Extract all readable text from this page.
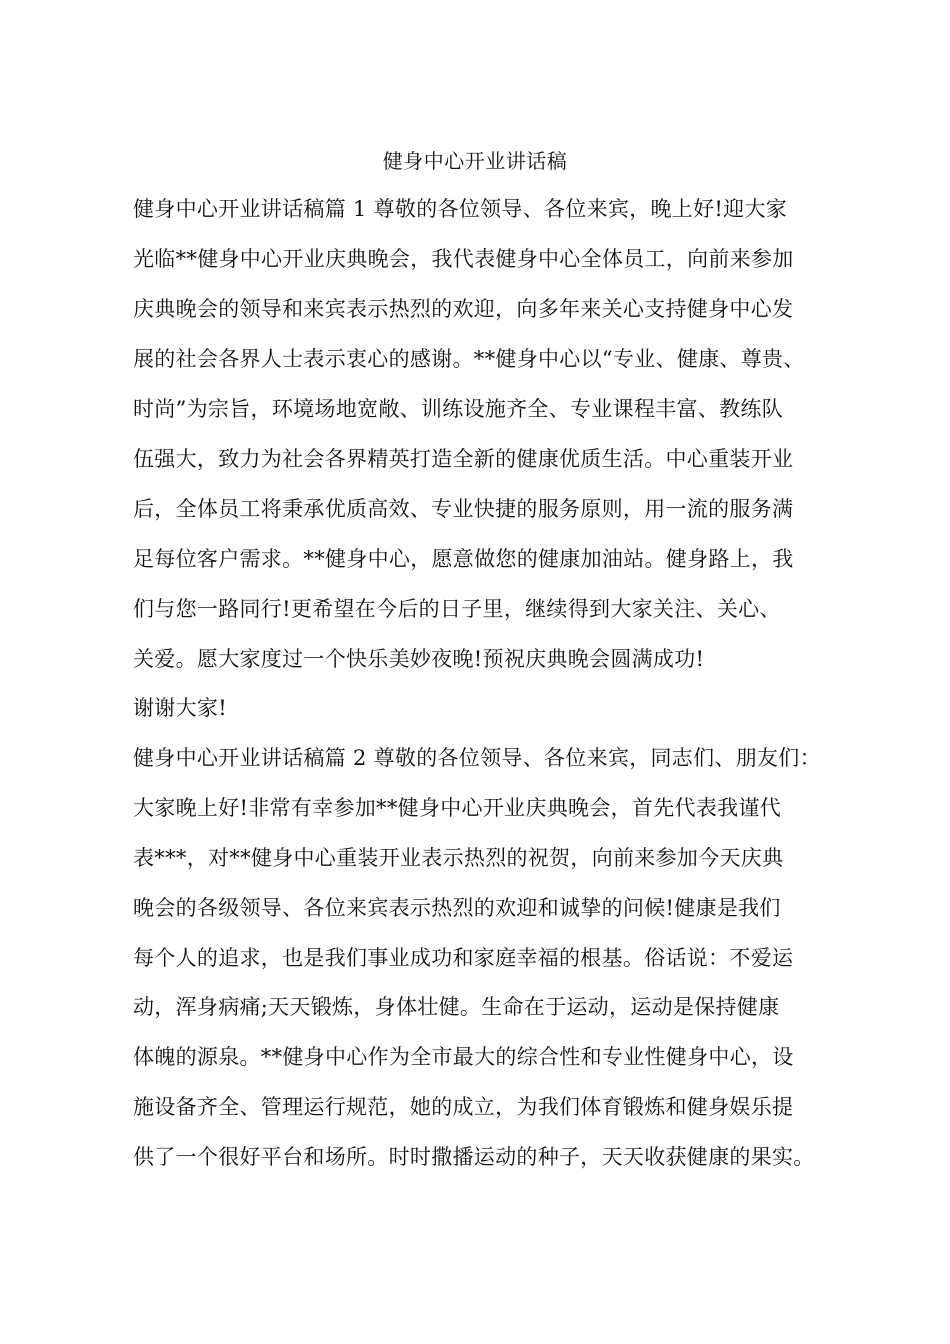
健身中心开业讲话稿
健身中心开业讲话稿篇 1 尊敬的各位领导、各位来宾，晚上好!迎大家
光临**健身中心开业庆典晚会，我代表健身中心全体员工，向前来参加
庆典晚会的领导和来宾表示热烈的欢迎，向多年来关心支持健身中心发
展的社会各界人士表示衷心的感谢。**健身中心以“专业、健康、尊贵、
时尚”为宗旨，环境场地宽敞、训练设施齐全、专业课程丰富、教练队
伍强大，致力为社会各界精英打造全新的健康优质生活。中心重装开业
后，全体员工将秉承优质高效、专业快捷的服务原则，用一流的服务满
足每位客户需求。**健身中心，愿意做您的健康加油站。健身路上，我
们与您一路同行!更希望在今后的日子里，继续得到大家关注、关心、
关爱。愿大家度过一个快乐美妙夜晚!预祝庆典晚会圆满成功!
谢谢大家!
健身中心开业讲话稿篇 2 尊敬的各位领导、各位来宾，同志们、朋友们：
大家晚上好!非常有幸参加**健身中心开业庆典晚会，首先代表我谨代
表***，对**健身中心重装开业表示热烈的祝贺，向前来参加今天庆典
晚会的各级领导、各位来宾表示热烈的欢迎和诚挚的问候!健康是我们
每个人的追求，也是我们事业成功和家庭幸福的根基。俗话说：不爱运
动，浑身病痛;天天锻炼，身体壮健。生命在于运动，运动是保持健康
体魄的源泉。**健身中心作为全市最大的综合性和专业性健身中心，设
施设备齐全、管理运行规范，她的成立，为我们体育锻炼和健身娱乐提
供了一个很好平台和场所。时时撒播运动的种子，天天收获健康的果实。
